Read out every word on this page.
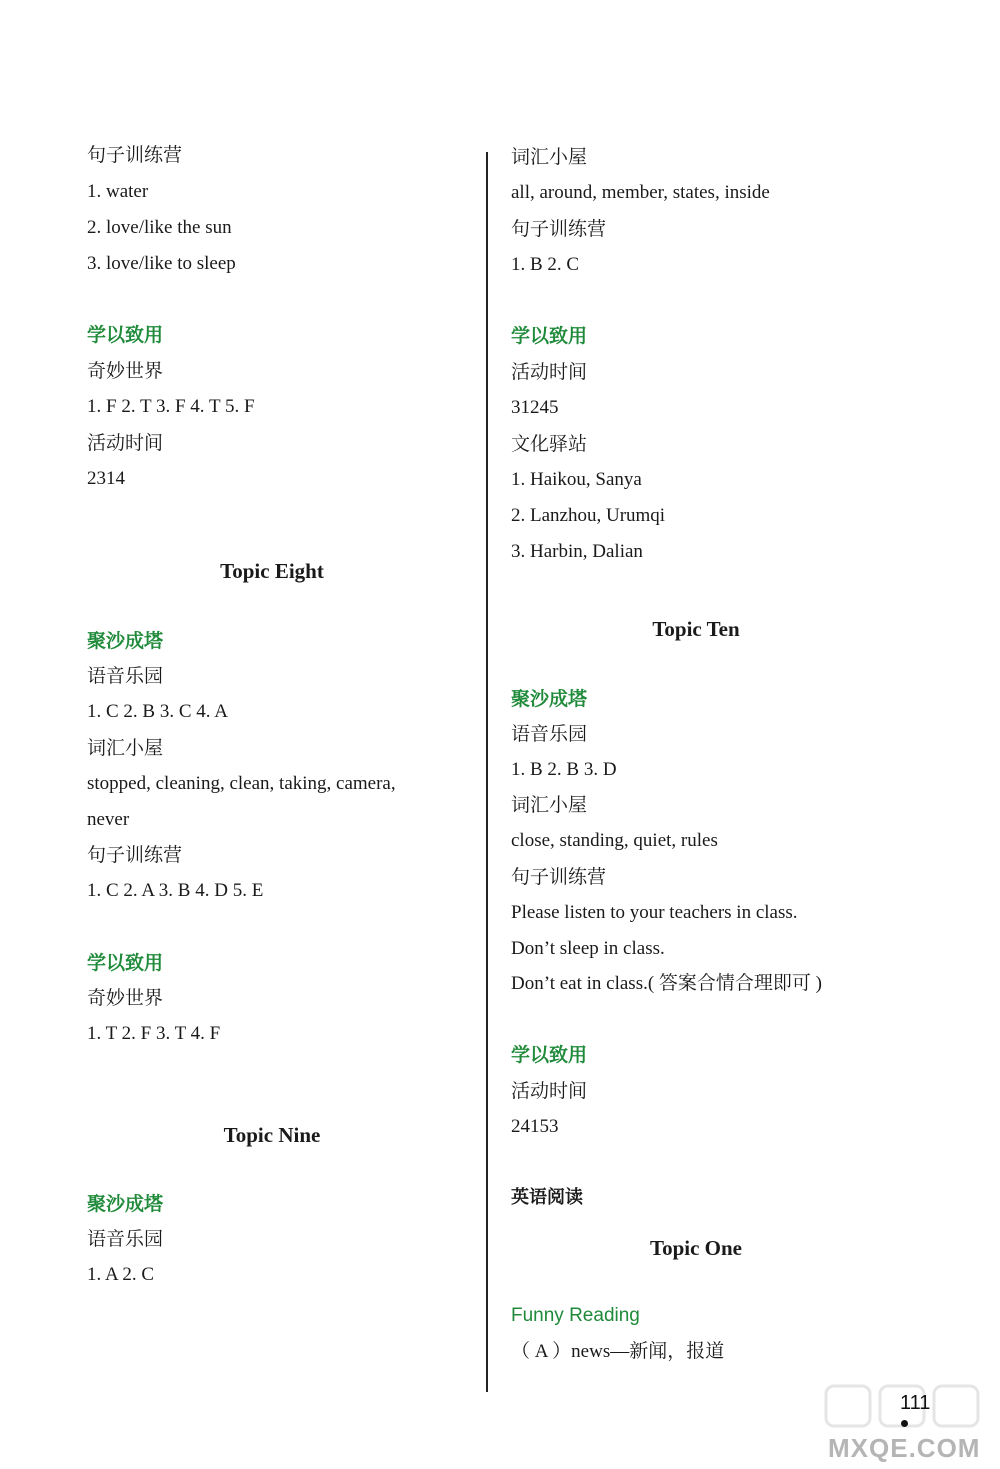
句子训练营
1. water
2. love/like the sun
3. love/like to sleep
学以致用
奇妙世界
1. F 2. T 3. F 4. T 5. F
活动时间
2314
Topic Eight
聚沙成塔
语音乐园
1. C 2. B 3. C 4. A
词汇小屋
stopped, cleaning, clean, taking, camera,
never
句子训练营
1. C 2. A 3. B 4. D 5. E
学以致用
奇妙世界
1. T 2. F 3. T 4. F
Topic Nine
聚沙成塔
语音乐园
1. A 2. C
词汇小屋
all, around, member, states, inside
句子训练营
1. B 2. C
学以致用
活动时间
31245
文化驿站
1. Haikou, Sanya
2. Lanzhou, Urumqi
3. Harbin, Dalian
Topic Ten
聚沙成塔
语音乐园
1. B 2. B 3. D
词汇小屋
close, standing, quiet, rules
句子训练营
Please listen to your teachers in class.
Don’t sleep in class.
Don’t eat in class.( 答案合情合理即可 )
学以致用
活动时间
24153
英语阅读
Topic One
Funny Reading
（ A ）news—新闻，报道
MXQE.COM
111
